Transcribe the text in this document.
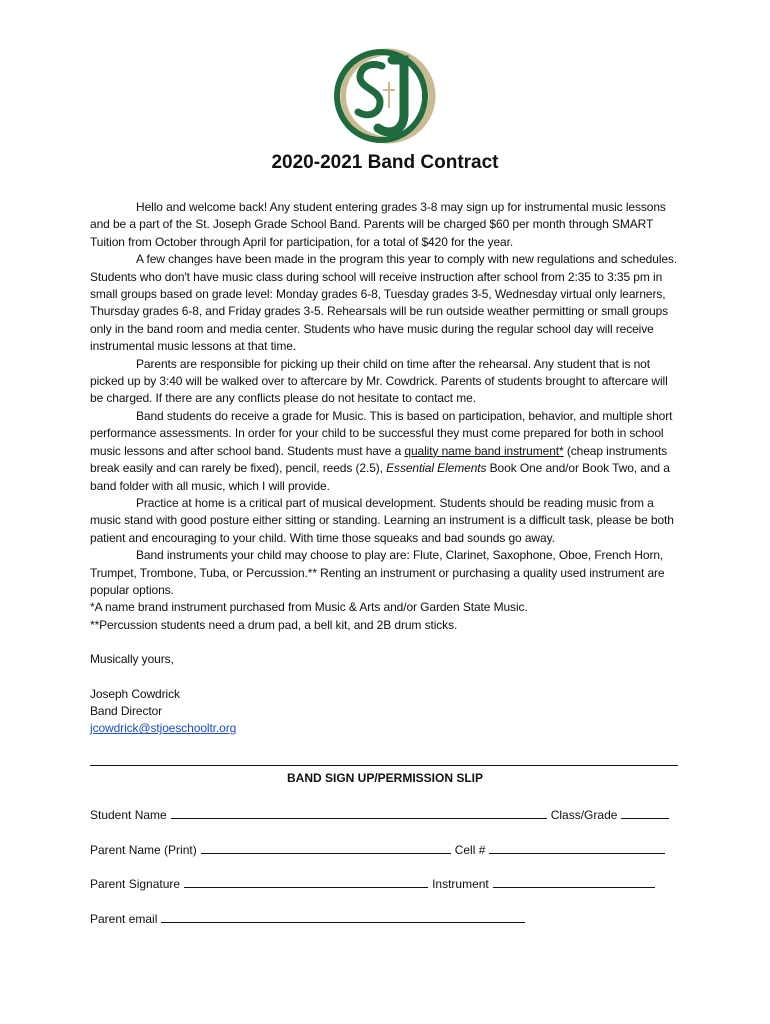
2020-2021 Band Contract

Hello and welcome back! Any student entering grades 3-8 may sign up for instrumental music lessons and be a part of the St. Joseph Grade School Band. Parents will be charged $60 per month through SMART Tuition from October through April for participation, for a total of $420 for the year.

A few changes have been made in the program this year to comply with new regulations and schedules. Students who don't have music class during school will receive instruction after school from 2:35 to 3:35 pm in small groups based on grade level: Monday grades 6-8, Tuesday grades 3-5, Wednesday virtual only learners, Thursday grades 6-8, and Friday grades 3-5. Rehearsals will be run outside weather permitting or small groups only in the band room and media center. Students who have music during the regular school day will receive instrumental music lessons at that time.

Parents are responsible for picking up their child on time after the rehearsal. Any student that is not picked up by 3:40 will be walked over to aftercare by Mr. Cowdrick. Parents of students brought to aftercare will be charged. If there are any conflicts please do not hesitate to contact me.

Band students do receive a grade for Music. This is based on participation, behavior, and multiple short performance assessments. In order for your child to be successful they must come prepared for both in school music lessons and after school band. Students must have a quality name band instrument* (cheap instruments break easily and can rarely be fixed), pencil, reeds (2.5), Essential Elements Book One and/or Book Two, and a band folder with all music, which I will provide.

Practice at home is a critical part of musical development. Students should be reading music from a music stand with good posture either sitting or standing. Learning an instrument is a difficult task, please be both patient and encouraging to your child. With time those squeaks and bad sounds go away.

Band instruments your child may choose to play are: Flute, Clarinet, Saxophone, Oboe, French Horn, Trumpet, Trombone, Tuba, or Percussion.** Renting an instrument or purchasing a quality used instrument are popular options.

*A name brand instrument purchased from Music & Arts and/or Garden State Music.

**Percussion students need a drum pad, a bell kit, and 2B drum sticks.

Musically yours,

Joseph Cowdrick

Band Director

jcowdrick@stjoeschooltr.org

BAND SIGN UP/PERMISSION SLIP
Student Name	Class/Grade
Parent Name (Print)	Cell #
Parent Signature	Instrument
Parent email
